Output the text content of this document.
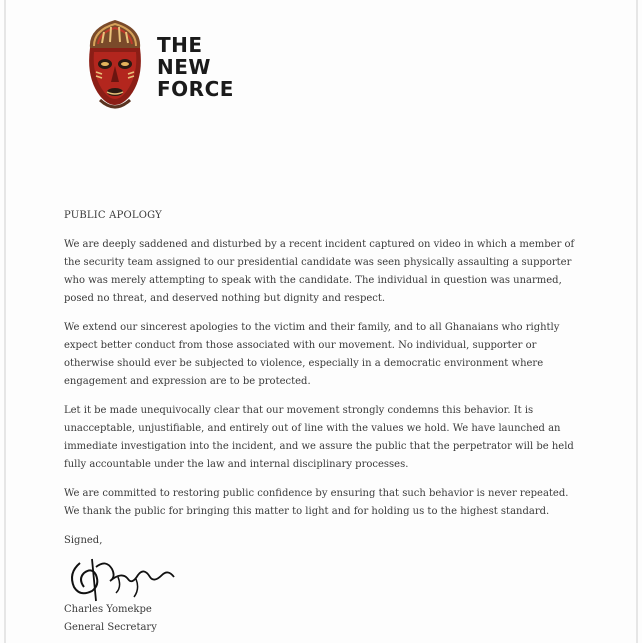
THE
NEW
FORCE

PUBLIC APOLOGY

We are deeply saddened and disturbed by a recent incident captured on video in which a member of the security team assigned to our presidential candidate was seen physically assaulting a supporter who was merely attempting to speak with the candidate. The individual in question was unarmed, posed no threat, and deserved nothing but dignity and respect.

We extend our sincerest apologies to the victim and their family, and to all Ghanaians who rightly expect better conduct from those associated with our movement. No individual, supporter or otherwise should ever be subjected to violence, especially in a democratic environment where engagement and expression are to be protected.

Let it be made unequivocally clear that our movement strongly condemns this behavior. It is unacceptable, unjustifiable, and entirely out of line with the values we hold. We have launched an immediate investigation into the incident, and we assure the public that the perpetrator will be held fully accountable under the law and internal disciplinary processes.

We are committed to restoring public confidence by ensuring that such behavior is never repeated. We thank the public for bringing this matter to light and for holding us to the highest standard.

Signed,

Charles Yomekpe
General Secretary
